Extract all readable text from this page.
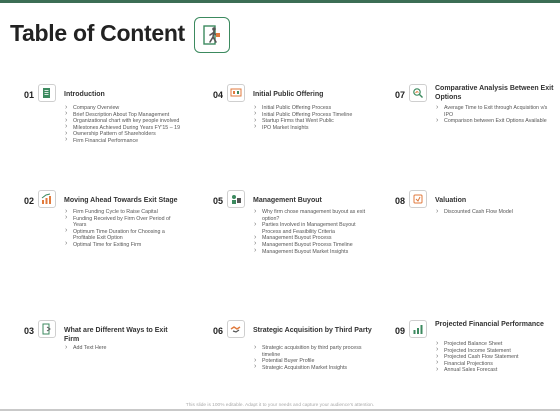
Table of Content
01	Introduction
› Company Overview
› Brief Description About Top Management
› Organizational chart with key people involved
› Milestones Achieved During Years FY'15 – 19
› Ownership Pattern of Shareholders
› Firm Financial Performance
02	Moving Ahead Towards Exit Stage
› Firm Funding Cycle to Raise Capital
› Funding Received by Firm Over Period of Years
› Optimum Time Duration for Choosing a Profitable Exit Option
› Optimal Time for Exiting Firm
03	What are Different Ways to Exit Firm
› Add Text Here
04	Initial Public Offering
› Initial Public Offering Process
› Initial Public Offering Process Timeline
› Startup Firms that Went Public
› IPO Market Insights
05	Management Buyout
› Why firm chose management buyout as exit option?
› Parties Involved in Management Buyout Process and Feasibility Criteria
› Management Buyout Process
› Management Buyout Process Timeline
› Management Buyout Market Insights
06	Strategic Acquisition by Third Party
› Strategic acquisition by third party process timeline
› Potential Buyer Profile
› Strategic Acquisition Market Insights
07
Comparative Analysis Between Exit Options
› Average Time to Exit through Acquisition v/s IPO
› Comparison between Exit Options Available
08	Valuation
› Discounted Cash Flow Model
09
Projected Financial Performance
› Projected Balance Sheet
› Projected Income Statement
› Projected Cash Flow Statement
› Financial Projections
› Annual Sales Forecast
This slide is 100% editable. Adapt it to your needs and capture your audience's attention.
